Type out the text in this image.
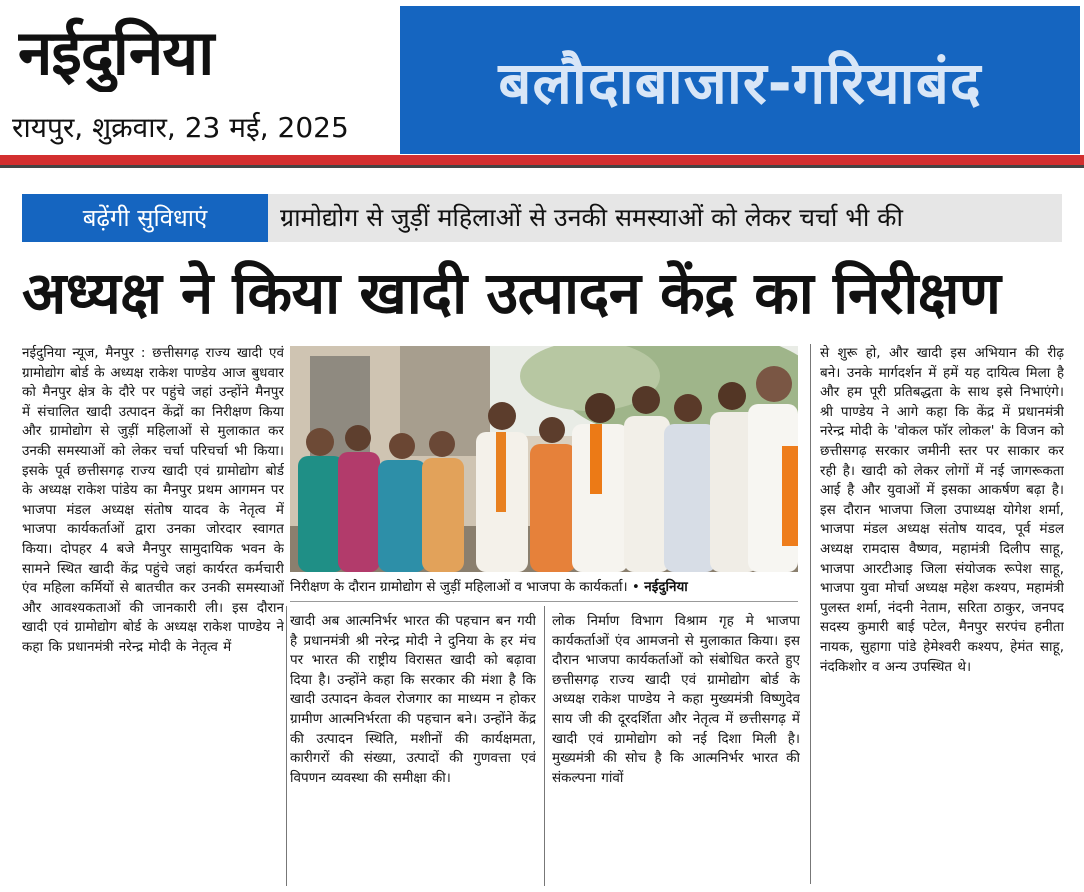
नईदुनिया
रायपुर, शुक्रवार, 23 मई, 2025
बलौदाबाजार-गरियाबंद
बढ़ेंगी सुविधाएं	ग्रामोद्योग से जुड़ीं महिलाओं से उनकी समस्याओं को लेकर चर्चा भी की
अध्यक्ष ने किया खादी उत्पादन केंद्र का निरीक्षण
नईदुनिया न्यूज, मैनपुर : छत्तीसगढ़ राज्य खादी एवं ग्रामोद्योग बोर्ड के अध्यक्ष राकेश पाण्डेय आज बुधवार को मैनपुर क्षेत्र के दौरे पर पहुंचे जहां उन्होंने मैनपुर में संचालित खादी उत्पादन केंद्रों का निरीक्षण किया और ग्रामोद्योग से जुड़ीं महिलाओं से मुलाकात कर उनकी समस्याओं को लेकर चर्चा परिचर्चा भी किया। इसके पूर्व छत्तीसगढ़ राज्य खादी एवं ग्रामोद्योग बोर्ड के अध्यक्ष राकेश पांडेय का मैनपुर प्रथम आगमन पर भाजपा मंडल अध्यक्ष संतोष यादव के नेतृत्व में भाजपा कार्यकर्ताओं द्वारा उनका जोरदार स्वागत किया। दोपहर 4 बजे मैनपुर सामुदायिक भवन के सामने स्थित खादी केंद्र पहुंचे जहां कार्यरत कर्मचारी एंव महिला कर्मियों से बातचीत कर उनकी समस्याओं और आवश्यकताओं की जानकारी ली। इस दौरान खादी एवं ग्रामोद्योग बोर्ड के अध्यक्ष राकेश पाण्डेय ने कहा कि प्रधानमंत्री नरेन्द्र मोदी के नेतृत्व में
निरीक्षण के दौरान ग्रामोद्योग से जुड़ीं महिलाओं व भाजपा के कार्यकर्ता। • नईदुनिया
खादी अब आत्मनिर्भर भारत की पहचान बन गयी है प्रधानमंत्री श्री नरेन्द्र मोदी ने दुनिया के हर मंच पर भारत की राष्ट्रीय विरासत खादी को बढ़ावा दिया है। उन्होंने कहा कि सरकार की मंशा है कि खादी उत्पादन केवल रोजगार का माध्यम न होकर ग्रामीण आत्मनिर्भरता की पहचान बने। उन्होंने केंद्र की उत्पादन स्थिति, मशीनों की कार्यक्षमता, कारीगरों की संख्या, उत्पादों की गुणवत्ता एवं विपणन व्यवस्था की समीक्षा की।
लोक निर्माण विभाग विश्राम गृह मे भाजपा कार्यकर्ताओं एंव आमजनो से मुलाकात किया। इस दौरान भाजपा कार्यकर्ताओं को संबोधित करते हुए छत्तीसगढ़ राज्य खादी एवं ग्रामोद्योग बोर्ड के अध्यक्ष राकेश पाण्डेय ने कहा मुख्यमंत्री विष्णुदेव साय जी की दूरदर्शिता और नेतृत्व में छत्तीसगढ़ में खादी एवं ग्रामोद्योग को नई दिशा मिली है। मुख्यमंत्री की सोच है कि आत्मनिर्भर भारत की संकल्पना गांवों
से शुरू हो, और खादी इस अभियान की रीढ़ बने। उनके मार्गदर्शन में हमें यह दायित्व मिला है और हम पूरी प्रतिबद्धता के साथ इसे निभाएंगे। श्री पाण्डेय ने आगे कहा कि केंद्र में प्रधानमंत्री नरेन्द्र मोदी के 'वोकल फॉर लोकल' के विजन को छत्तीसगढ़ सरकार जमीनी स्तर पर साकार कर रही है। खादी को लेकर लोगों में नई जागरूकता आई है और युवाओं में इसका आकर्षण बढ़ा है। इस दौरान भाजपा जिला उपाध्यक्ष योगेश शर्मा, भाजपा मंडल अध्यक्ष संतोष यादव, पूर्व मंडल अध्यक्ष रामदास वैष्णव, महामंत्री दिलीप साहू, भाजपा आरटीआइ जिला संयोजक रूपेश साहू, भाजपा युवा मोर्चा अध्यक्ष महेश कश्यप, महामंत्री पुलस्त शर्मा, नंदनी नेताम, सरिता ठाकुर, जनपद सदस्य कुमारी बाई पटेल, मैनपुर सरपंच हनीता नायक, सुहागा पांडे हेमेश्वरी कश्यप, हेमंत साहू, नंदकिशोर व अन्य उपस्थित थे।
